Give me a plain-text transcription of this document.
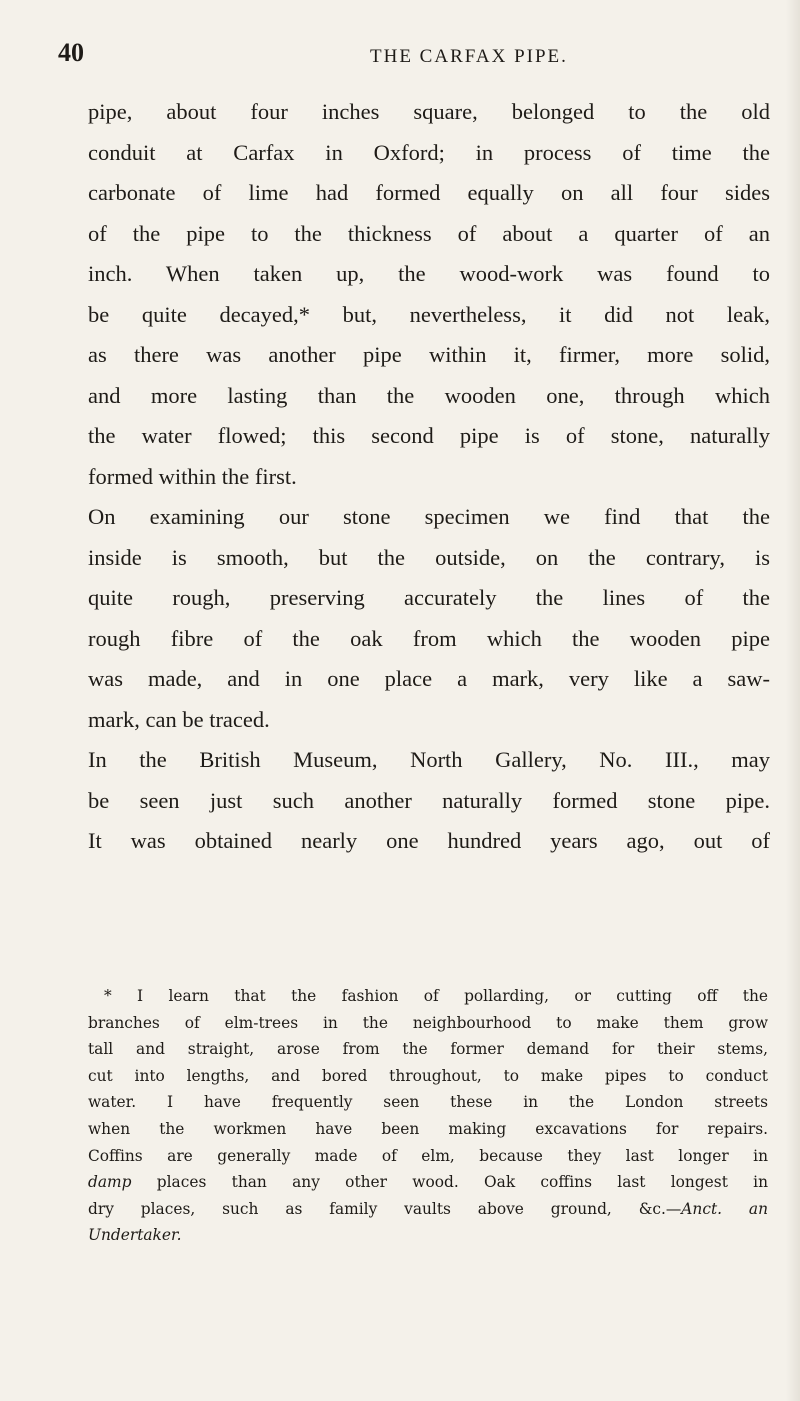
40	THE CARFAX PIPE.
pipe, about four inches square, belonged to the old
conduit at Carfax in Oxford; in process of time the
carbonate of lime had formed equally on all four sides
of the pipe to the thickness of about a quarter of an
inch. When taken up, the wood-work was found to
be quite decayed,* but, nevertheless, it did not leak,
as there was another pipe within it, firmer, more solid,
and more lasting than the wooden one, through which
the water flowed; this second pipe is of stone, naturally
formed within the first.
On examining our stone specimen we find that the
inside is smooth, but the outside, on the contrary, is
quite rough, preserving accurately the lines of the
rough fibre of the oak from which the wooden pipe
was made, and in one place a mark, very like a saw-
mark, can be traced.
In the British Museum, North Gallery, No. III., may
be seen just such another naturally formed stone pipe.
It was obtained nearly one hundred years ago, out of
* I learn that the fashion of pollarding, or cutting off the
branches of elm-trees in the neighbourhood to make them grow
tall and straight, arose from the former demand for their stems,
cut into lengths, and bored throughout, to make pipes to conduct
water. I have frequently seen these in the London streets
when the workmen have been making excavations for repairs.
Coffins are generally made of elm, because they last longer in
damp places than any other wood. Oak coffins last longest in
dry places, such as family vaults above ground, &c.—Anct. an
Undertaker.
